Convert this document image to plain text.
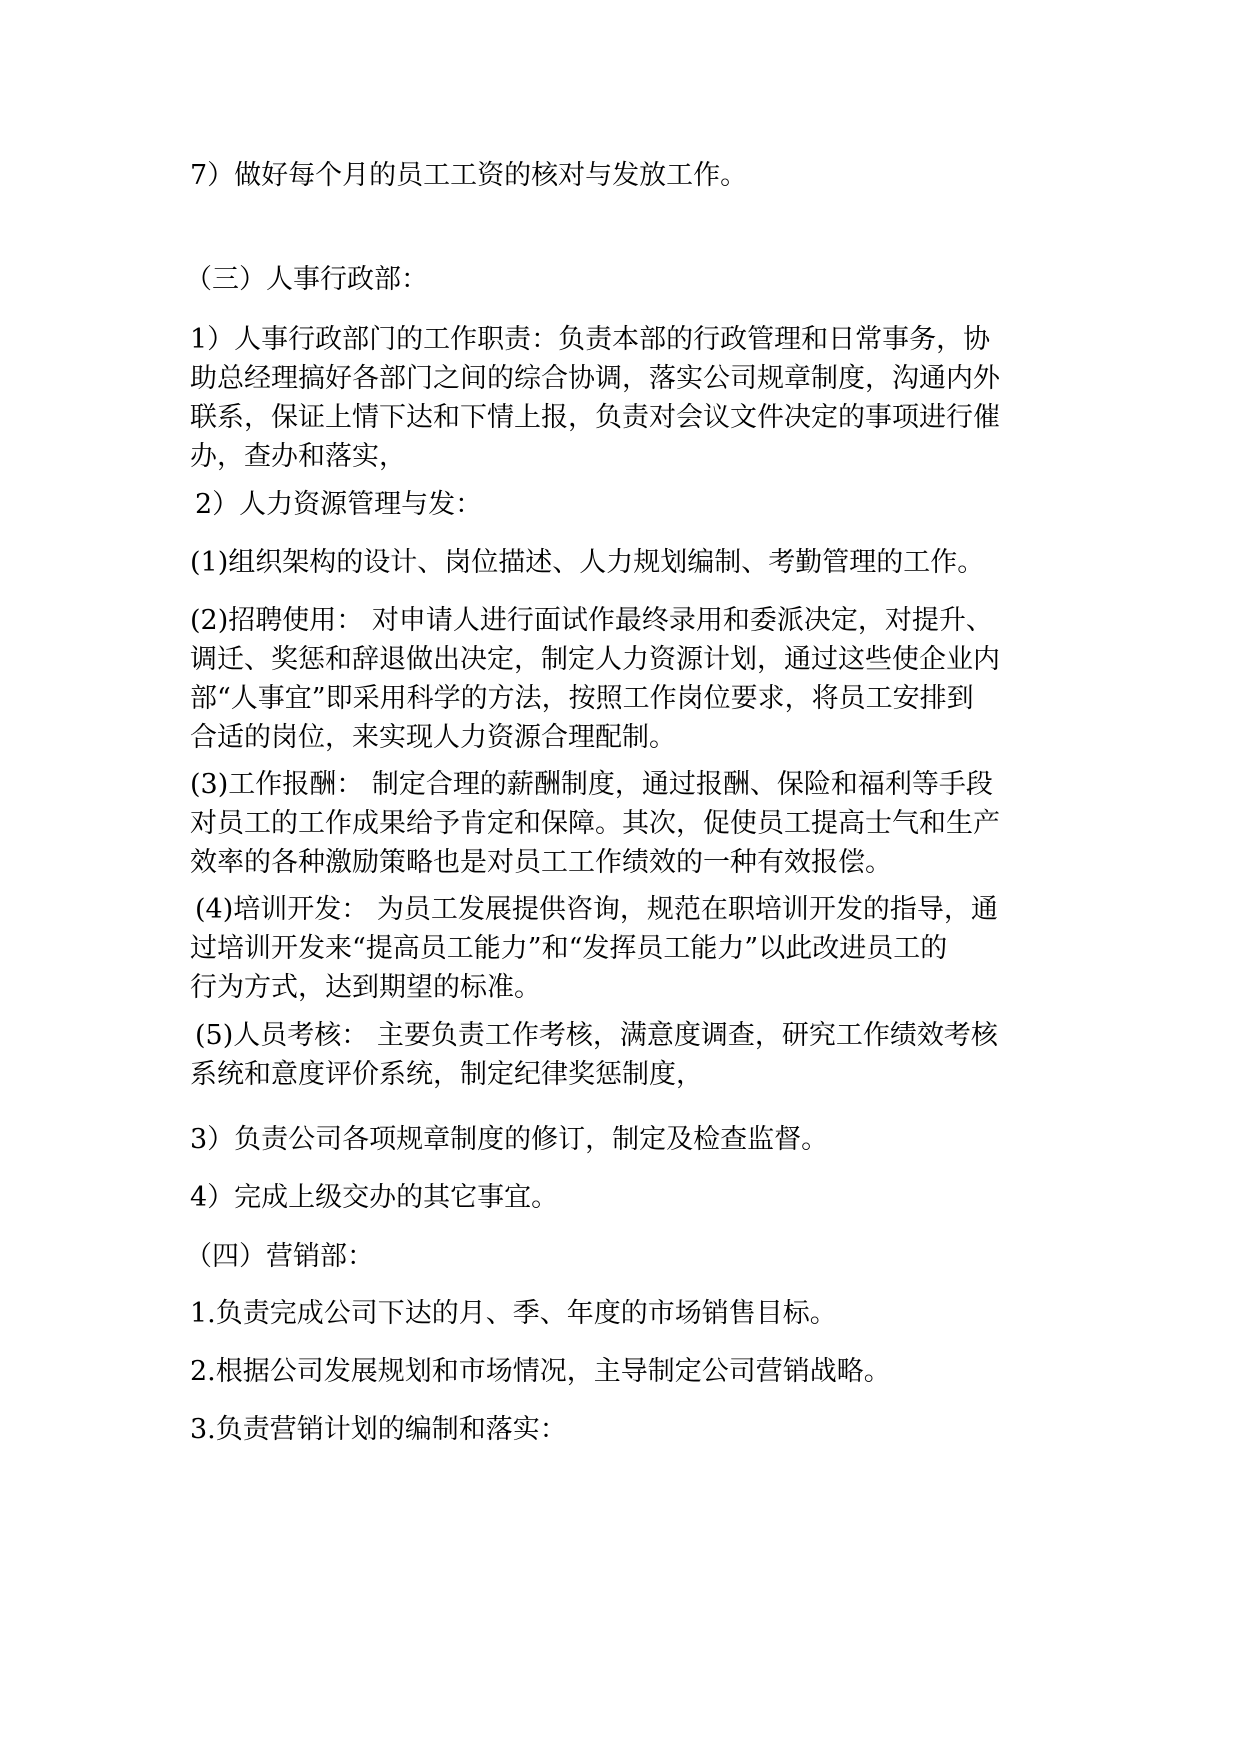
7）做好每个月的员工工资的核对与发放工作。

（三）人事行政部：

1）人事行政部门的工作职责：负责本部的行政管理和日常事务，协
助总经理搞好各部门之间的综合协调，落实公司规章制度，沟通内外
联系，保证上情下达和下情上报，负责对会议文件决定的事项进行催
办，查办和落实，

2）人力资源管理与发：

(1)组织架构的设计、岗位描述、人力规划编制、考勤管理的工作。

(2)招聘使用： 对申请人进行面试作最终录用和委派决定，对提升、
调迁、奖惩和辞退做出决定，制定人力资源计划，通过这些使企业内
部“人事宜”即采用科学的方法，按照工作岗位要求，将员工安排到
合适的岗位，来实现人力资源合理配制。

(3)工作报酬： 制定合理的薪酬制度，通过报酬、保险和福利等手段
对员工的工作成果给予肯定和保障。其次，促使员工提高士气和生产
效率的各种激励策略也是对员工工作绩效的一种有效报偿。

(4)培训开发： 为员工发展提供咨询，规范在职培训开发的指导，通
过培训开发来“提高员工能力”和“发挥员工能力”以此改进员工的
行为方式，达到期望的标准。

(5)人员考核： 主要负责工作考核，满意度调查，研究工作绩效考核
系统和意度评价系统，制定纪律奖惩制度，

3）负责公司各项规章制度的修订，制定及检查监督。

4）完成上级交办的其它事宜。

（四）营销部：

1.负责完成公司下达的月、季、年度的市场销售目标。

2.根据公司发展规划和市场情况，主导制定公司营销战略。

3.负责营销计划的编制和落实：
